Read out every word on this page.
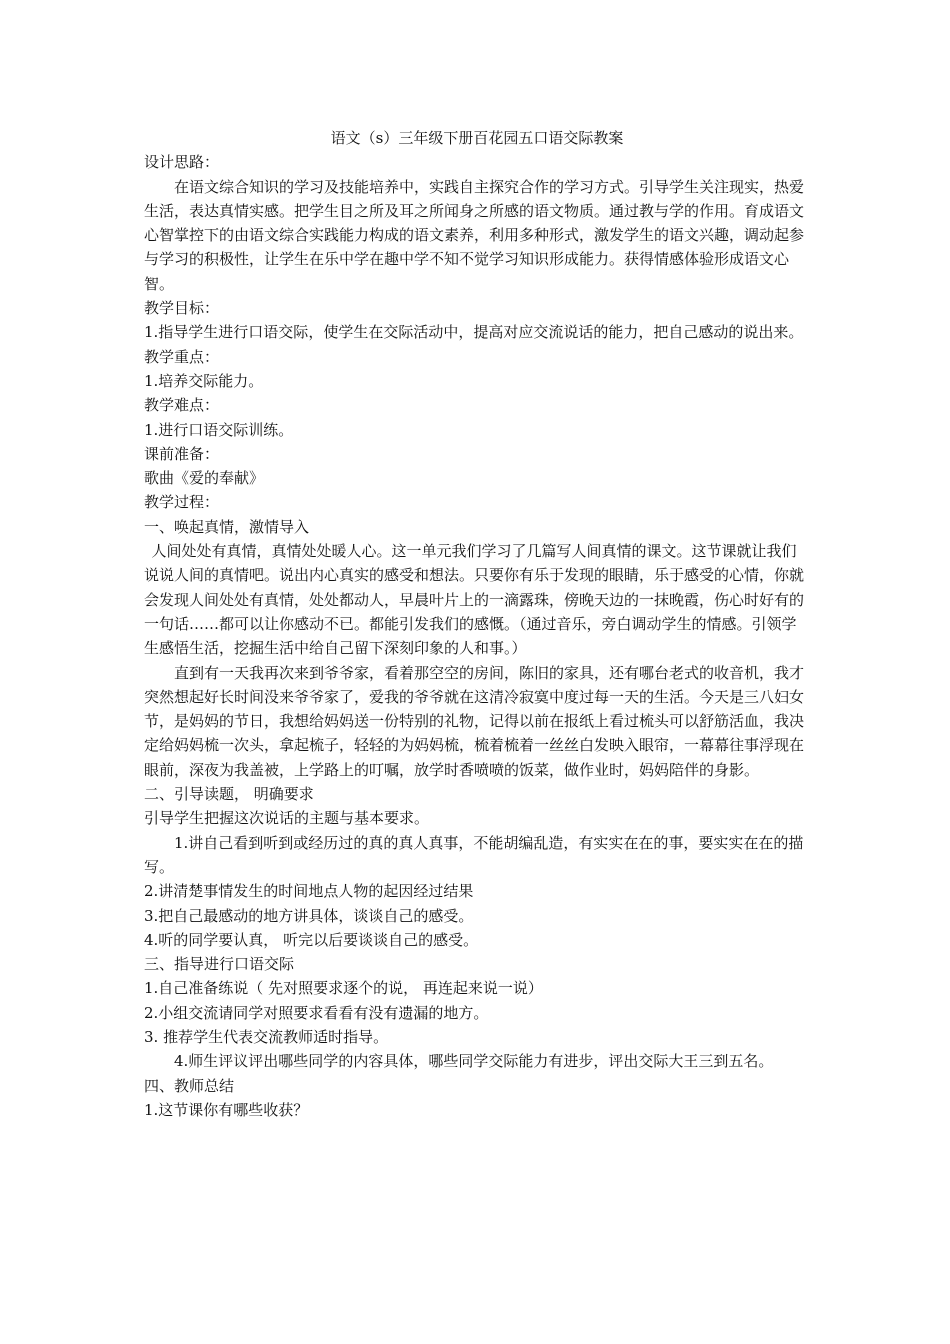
语文（s）三年级下册百花园五口语交际教案

设计思路：

在语文综合知识的学习及技能培养中，实践自主探究合作的学习方式。引导学生关注现实，热爱生活，表达真情实感。把学生目之所及耳之所闻身之所感的语文物质。通过教与学的作用。育成语文心智掌控下的由语文综合实践能力构成的语文素养，利用多种形式，激发学生的语文兴趣，调动起参与学习的积极性，让学生在乐中学在趣中学不知不觉学习知识形成能力。获得情感体验形成语文心智。

教学目标：

1.指导学生进行口语交际，使学生在交际活动中，提高对应交流说话的能力，把自己感动的说出来。

教学重点：

1.培养交际能力。

教学难点：

1.进行口语交际训练。

课前准备：

歌曲《爱的奉献》

教学过程：

一、唤起真情，激情导入

人间处处有真情，真情处处暖人心。这一单元我们学习了几篇写人间真情的课文。这节课就让我们说说人间的真情吧。说出内心真实的感受和想法。只要你有乐于发现的眼睛，乐于感受的心情，你就会发现人间处处有真情，处处都动人，早晨叶片上的一滴露珠，傍晚天边的一抹晚霞，伤心时好有的一句话……都可以让你感动不已。都能引发我们的感慨。（通过音乐，旁白调动学生的情感。引领学生感悟生活，挖掘生活中给自己留下深刻印象的人和事。）

直到有一天我再次来到爷爷家，看着那空空的房间，陈旧的家具，还有哪台老式的收音机，我才突然想起好长时间没来爷爷家了，爱我的爷爷就在这清冷寂寞中度过每一天的生活。今天是三八妇女节，是妈妈的节日，我想给妈妈送一份特别的礼物，记得以前在报纸上看过梳头可以舒筋活血，我决定给妈妈梳一次头，拿起梳子，轻轻的为妈妈梳，梳着梳着一丝丝白发映入眼帘，一幕幕往事浮现在眼前，深夜为我盖被，上学路上的叮嘱，放学时香喷喷的饭菜，做作业时，妈妈陪伴的身影。

二、引导读题， 明确要求

引导学生把握这次说话的主题与基本要求。

1.讲自己看到听到或经历过的真的真人真事，不能胡编乱造，有实实在在的事，要实实在在的描写。

2.讲清楚事情发生的时间地点人物的起因经过结果

3.把自己最感动的地方讲具体，谈谈自己的感受。

4.听的同学要认真， 听完以后要谈谈自己的感受。

三、指导进行口语交际

1.自己准备练说（ 先对照要求逐个的说， 再连起来说一说）

2.小组交流请同学对照要求看看有没有遗漏的地方。

3. 推荐学生代表交流教师适时指导。

4.师生评议评出哪些同学的内容具体，哪些同学交际能力有进步，评出交际大王三到五名。

四、教师总结

1.这节课你有哪些收获？
